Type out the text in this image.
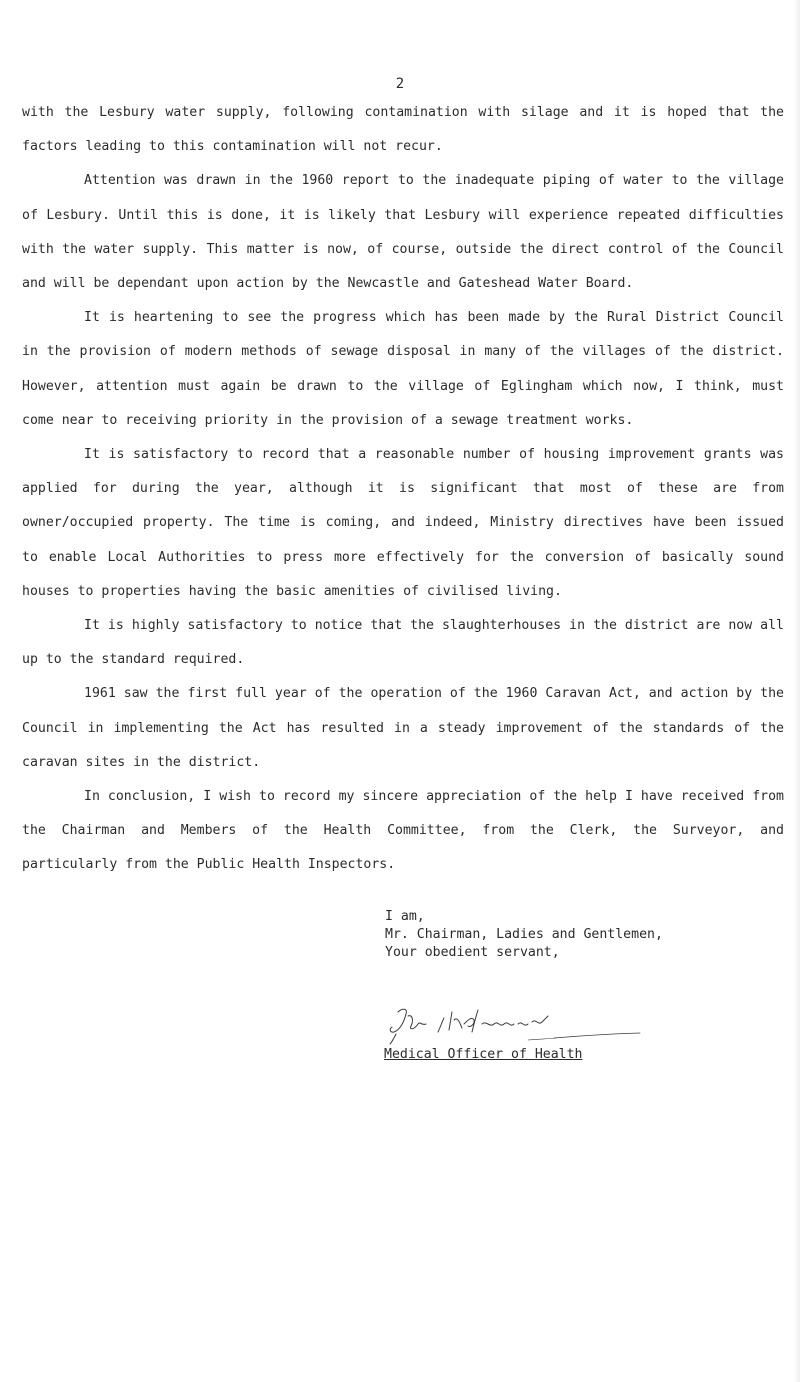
2

with the Lesbury water supply, following contamination with silage and it is hoped that the factors leading to this contamination will not recur.

Attention was drawn in the 1960 report to the inadequate piping of water to the village of Lesbury. Until this is done, it is likely that Lesbury will experience repeated difficulties with the water supply. This matter is now, of course, outside the direct control of the Council and will be dependant upon action by the Newcastle and Gateshead Water Board.

It is heartening to see the progress which has been made by the Rural District Council in the provision of modern methods of sewage disposal in many of the villages of the district. However, attention must again be drawn to the village of Eglingham which now, I think, must come near to receiving priority in the provision of a sewage treatment works.

It is satisfactory to record that a reasonable number of housing improvement grants was applied for during the year, although it is significant that most of these are from owner/occupied property. The time is coming, and indeed, Ministry directives have been issued to enable Local Authorities to press more effectively for the conversion of basically sound houses to properties having the basic amenities of civilised living.

It is highly satisfactory to notice that the slaughterhouses in the district are now all up to the standard required.

1961 saw the first full year of the operation of the 1960 Caravan Act, and action by the Council in implementing the Act has resulted in a steady improvement of the standards of the caravan sites in the district.

In conclusion, I wish to record my sincere appreciation of the help I have received from the Chairman and Members of the Health Committee, from the Clerk, the Surveyor, and particularly from the Public Health Inspectors.

I am,
Mr. Chairman, Ladies and Gentlemen,
Your obedient servant,
Medical Officer of Health
